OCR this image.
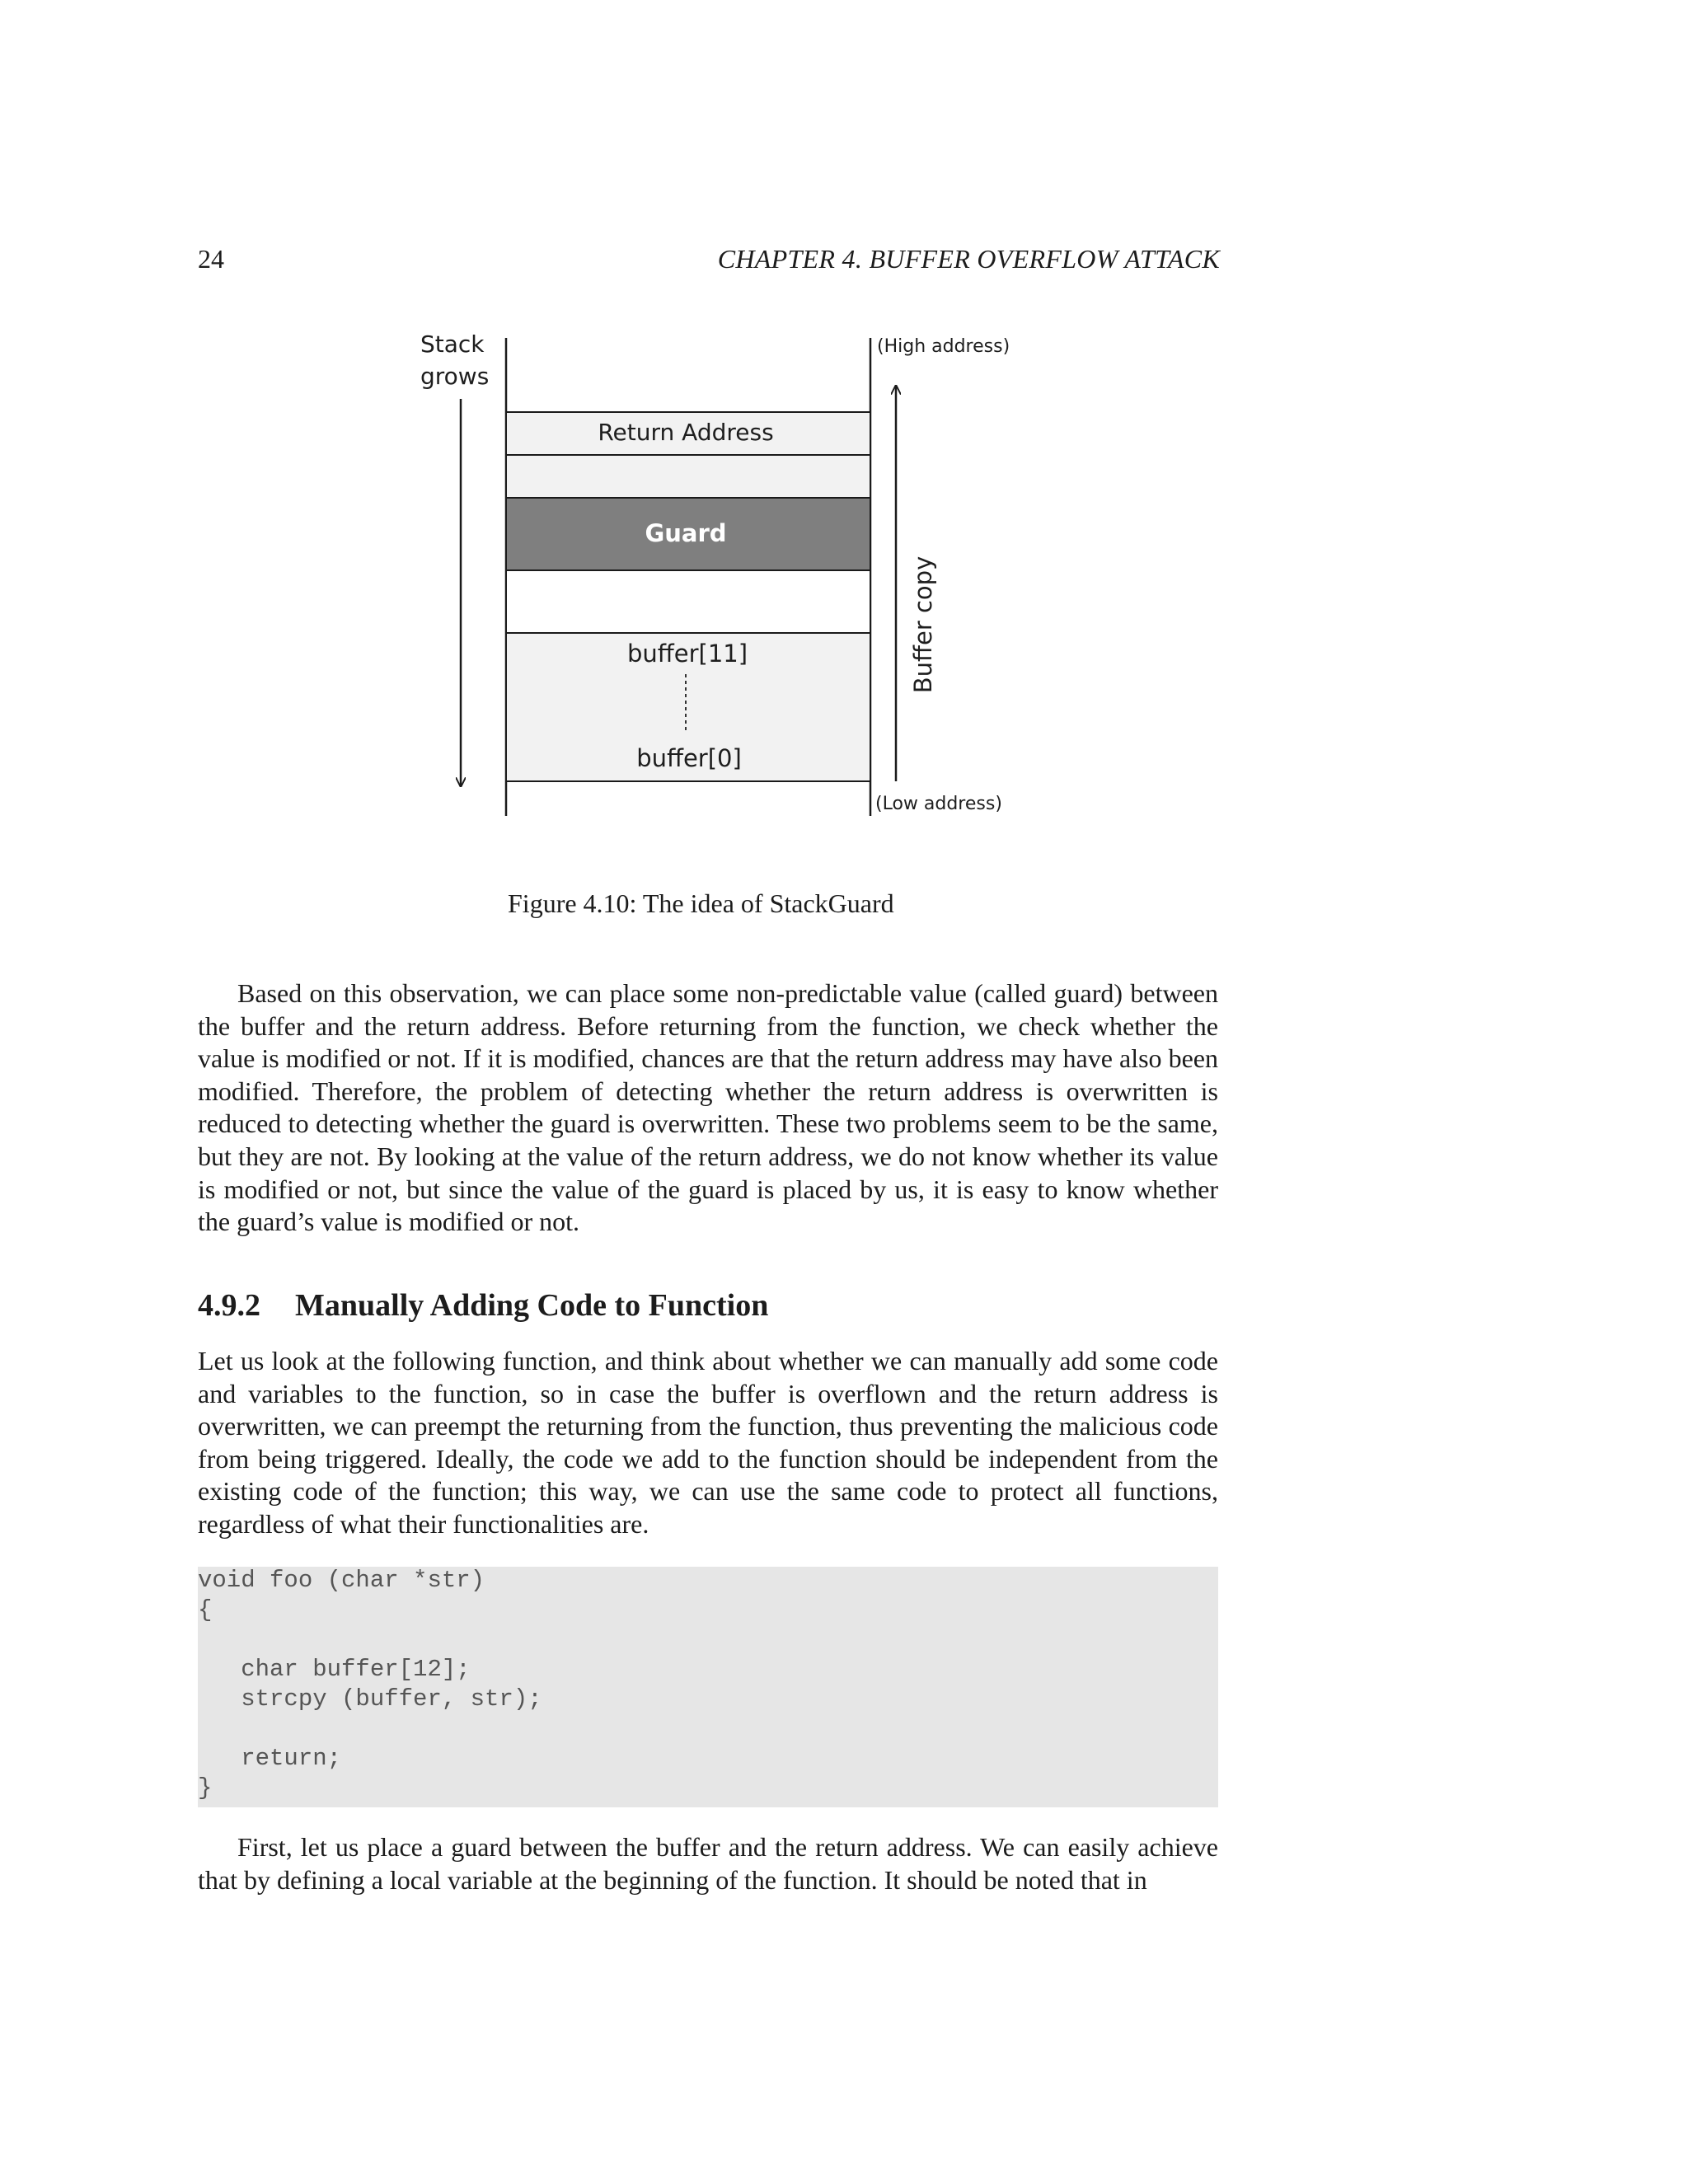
24	CHAPTER 4. BUFFER OVERFLOW ATTACK
Stack
grows
(High address)
(Low address)
Return Address
Guard
buffer[11]
buffer[0]
Buffer copy
Figure 4.10: The idea of StackGuard

Based on this observation, we can place some non-predictable value (called guard) between the buffer and the return address. Before returning from the function, we check whether the value is modified or not. If it is modified, chances are that the return address may have also been modified. Therefore, the problem of detecting whether the return address is overwritten is reduced to detecting whether the guard is overwritten. These two problems seem to be the same, but they are not. By looking at the value of the return address, we do not know whether its value is modified or not, but since the value of the guard is placed by us, it is easy to know whether the guard’s value is modified or not.

4.9.2 Manually Adding Code to Function

Let us look at the following function, and think about whether we can manually add some code and variables to the function, so in case the buffer is overflown and the return address is overwritten, we can preempt the returning from the function, thus preventing the malicious code from being triggered. Ideally, the code we add to the function should be independent from the existing code of the function; this way, we can use the same code to protect all functions, regardless of what their functionalities are.

void foo (char *str)
{
char buffer[12];
strcpy (buffer, str);
return;
}

First, let us place a guard between the buffer and the return address. We can easily achieve that by defining a local variable at the beginning of the function. It should be noted that in
